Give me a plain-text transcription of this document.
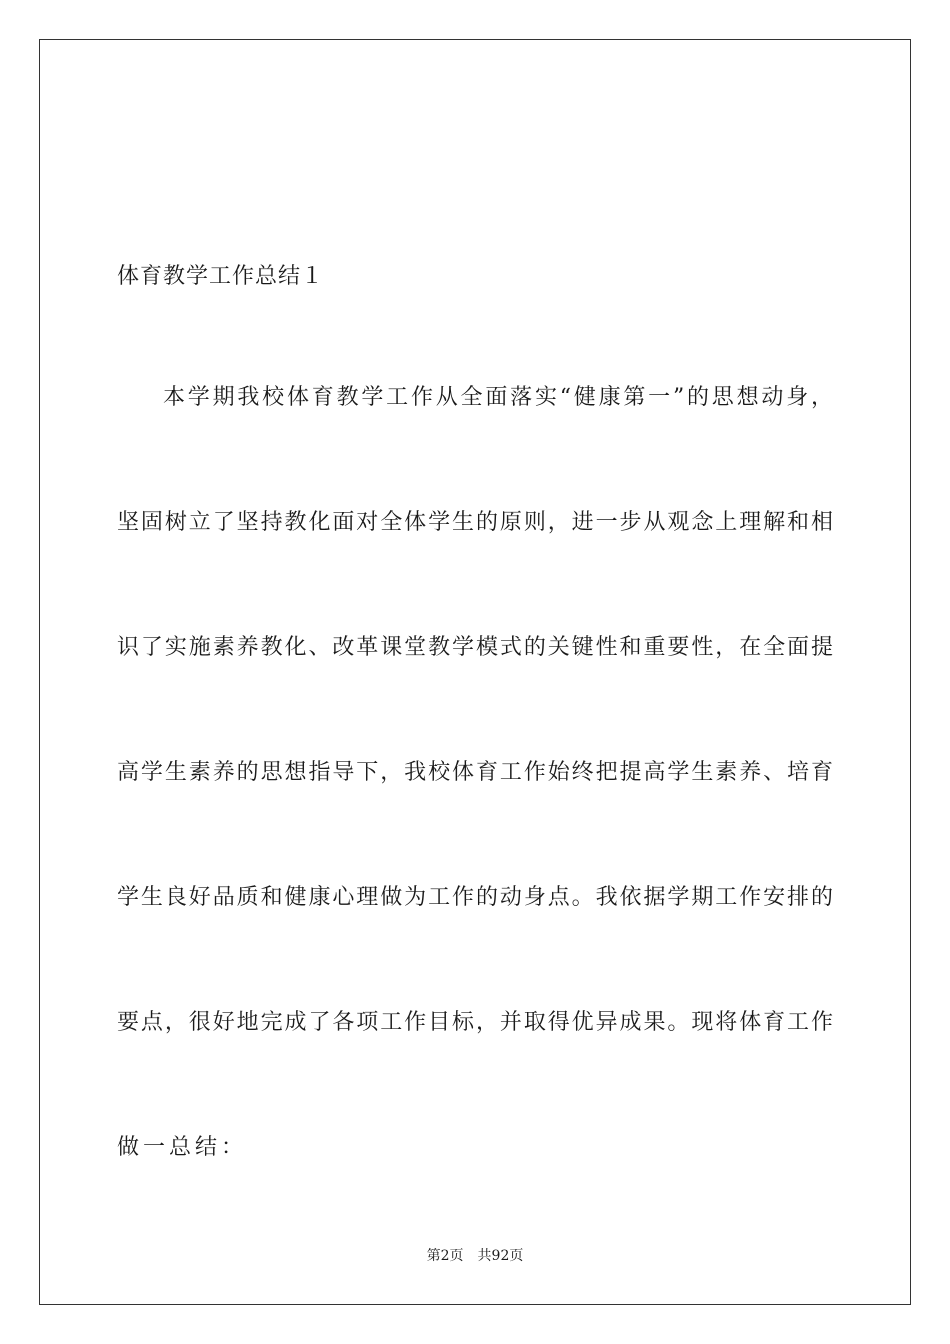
体育教学工作总结１
本学期我校体育教学工作从全面落实“健康第一”的思想动身，
坚固树立了坚持教化面对全体学生的原则，进一步从观念上理解和相
识了实施素养教化、改革课堂教学模式的关键性和重要性，在全面提
高学生素养的思想指导下，我校体育工作始终把提高学生素养、培育
学生良好品质和健康心理做为工作的动身点。我依据学期工作安排的
要点，很好地完成了各项工作目标，并取得优异成果。现将体育工作
做一总结：
第2页　共92页
